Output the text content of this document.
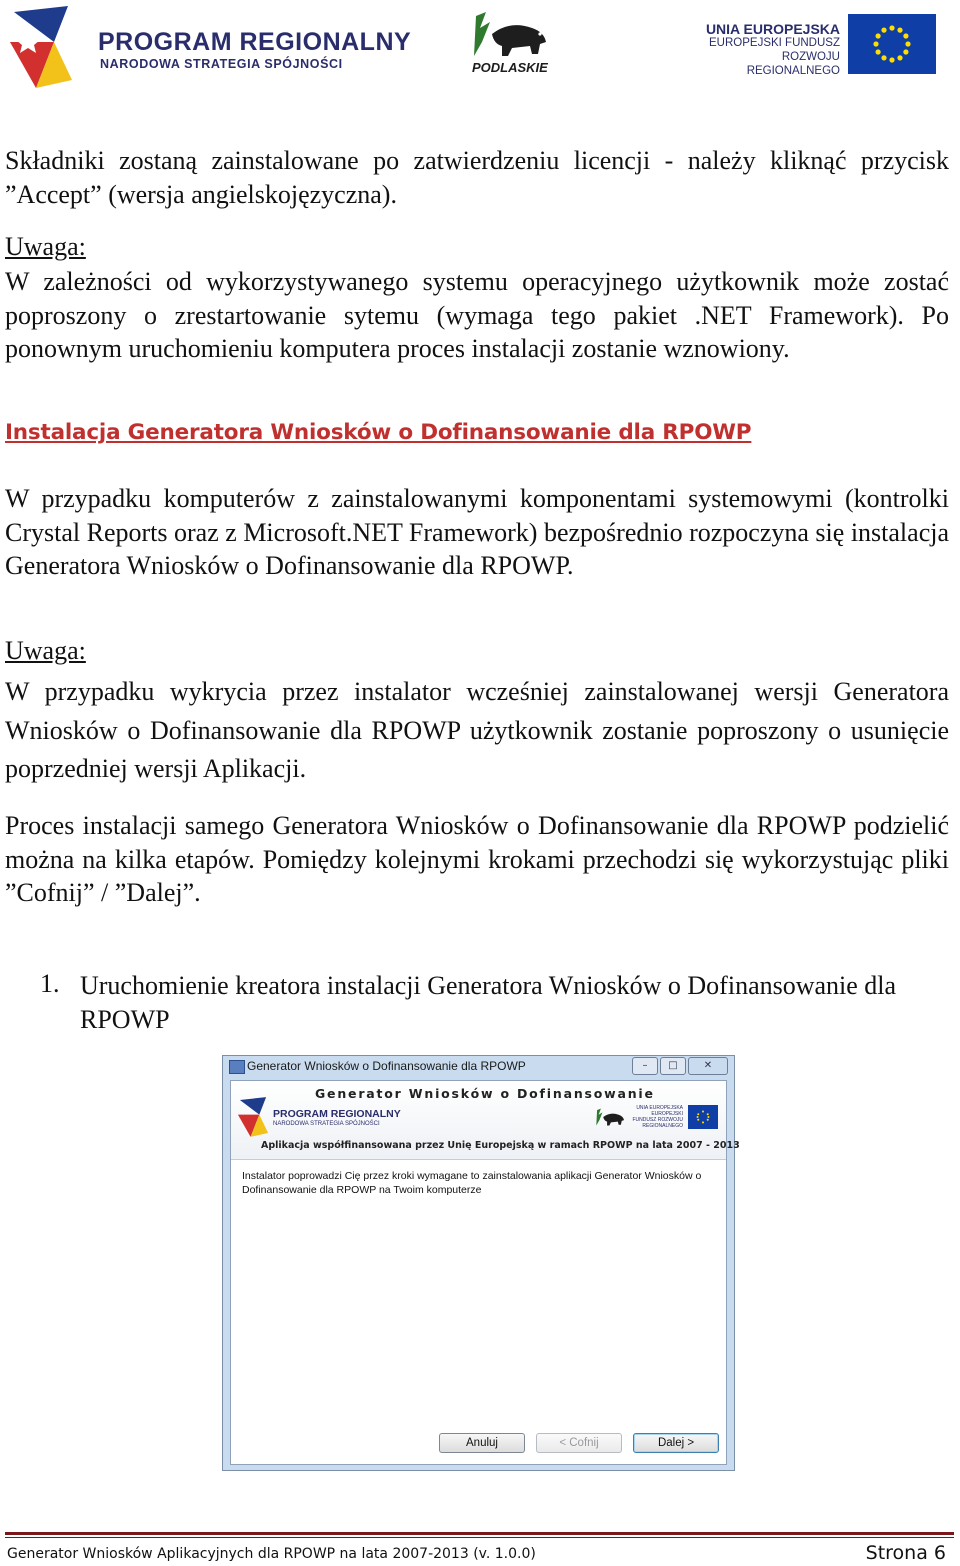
PROGRAM REGIONALNY
NARODOWA STRATEGIA SPÓJNOŚCI	PODLASKIE
UNIA EUROPEJSKA
EUROPEJSKI FUNDUSZ
ROZWOJU REGIONALNEGO

Składniki zostaną zainstalowane po zatwierdzeniu licencji - należy kliknąć przycisk ”Accept” (wersja angielskojęzyczna).

Uwaga:

W zależności od wykorzystywanego systemu operacyjnego użytkownik może zostać poproszony o zrestartowanie sytemu (wymaga tego pakiet .NET Framework). Po ponownym uruchomieniu komputera proces instalacji zostanie wznowiony.

Instalacja Generatora Wniosków o Dofinansowanie dla RPOWP

W przypadku komputerów z zainstalowanymi komponentami systemowymi (kontrolki Crystal Reports oraz z Microsoft.NET Framework) bezpośrednio rozpoczyna się instalacja Generatora Wniosków o Dofinansowanie dla RPOWP.

Uwaga:

W przypadku wykrycia przez instalator wcześniej zainstalowanej wersji Generatora Wniosków o Dofinansowanie dla RPOWP użytkownik zostanie poproszony o usunięcie poprzedniej wersji Aplikacji.

Proces instalacji samego Generatora Wniosków o Dofinansowanie dla RPOWP podzielić można na kilka etapów. Pomiędzy kolejnymi krokami przechodzi się wykorzystując pliki ”Cofnij” / ”Dalej”.

1. Uruchomienie kreatora instalacji Generatora Wniosków o Dofinansowanie dla RPOWP
Generator Wniosków o Dofinansowanie dla RPOWP	–	□	✕
Generator Wniosków o Dofinansowanie
PROGRAM REGIONALNY
NARODOWA STRATEGIA SPÓJNOŚCI
UNIA EUROPEJSKA EUROPEJSKI FUNDUSZ ROZWOJU REGIONALNEGO
Aplikacja współfinansowana przez Unię Europejską w ramach RPOWP na lata 2007 - 2013
Instalator poprowadzi Cię przez kroki wymagane to zainstalowania aplikacji Generator Wniosków o Dofinansowanie dla RPOWP na Twoim komputerze
Anuluj	< Cofnij	Dalej >
Generator Wniosków Aplikacyjnych dla RPOWP na lata 2007-2013 (v. 1.0.0)	Strona 6
